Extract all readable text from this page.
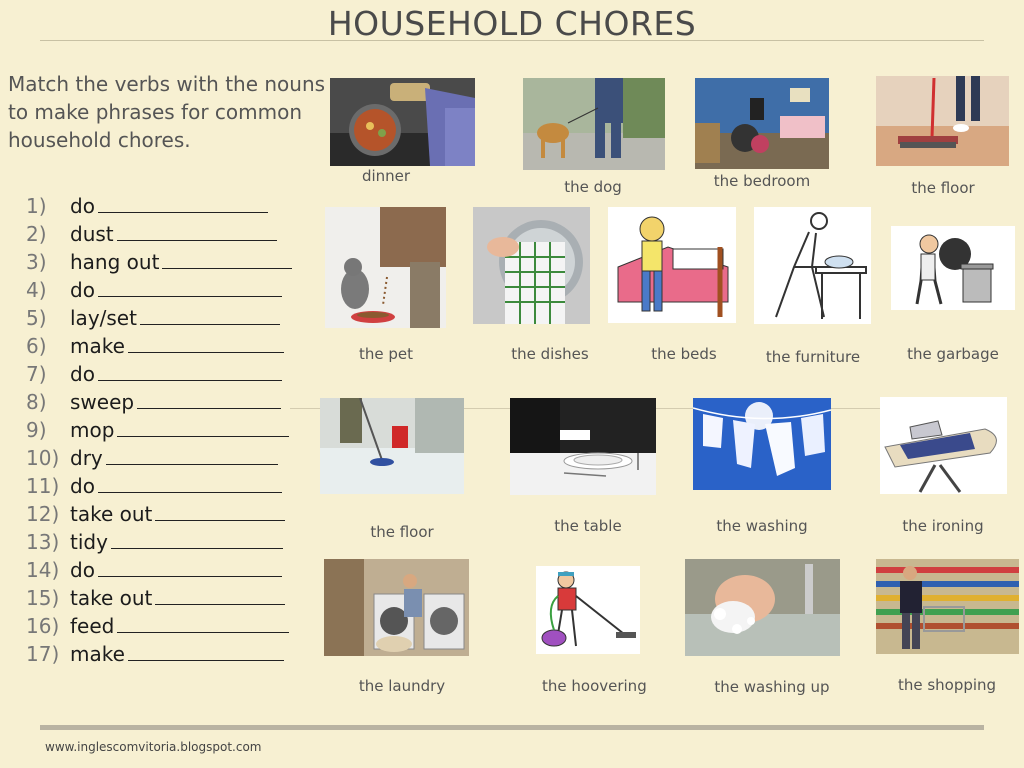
HOUSEHOLD CHORES
Match the verbs with the nouns to make phrases for common household chores.
1) do
2) dust
3) hang out
4) do
5) lay/set
6) make
7) do
8) sweep
9) mop
10) dry
11) do
12) take out
13) tidy
14) do
15) take out
16) feed
17) make
dinner
the dog	the bedroom	the floor
the pet	the dishes	the beds	the furniture	the garbage
the floor	the table	the washing	the ironing
the laundry	the hoovering	the washing up	the shopping
www.inglescomvitoria.blogspot.com
